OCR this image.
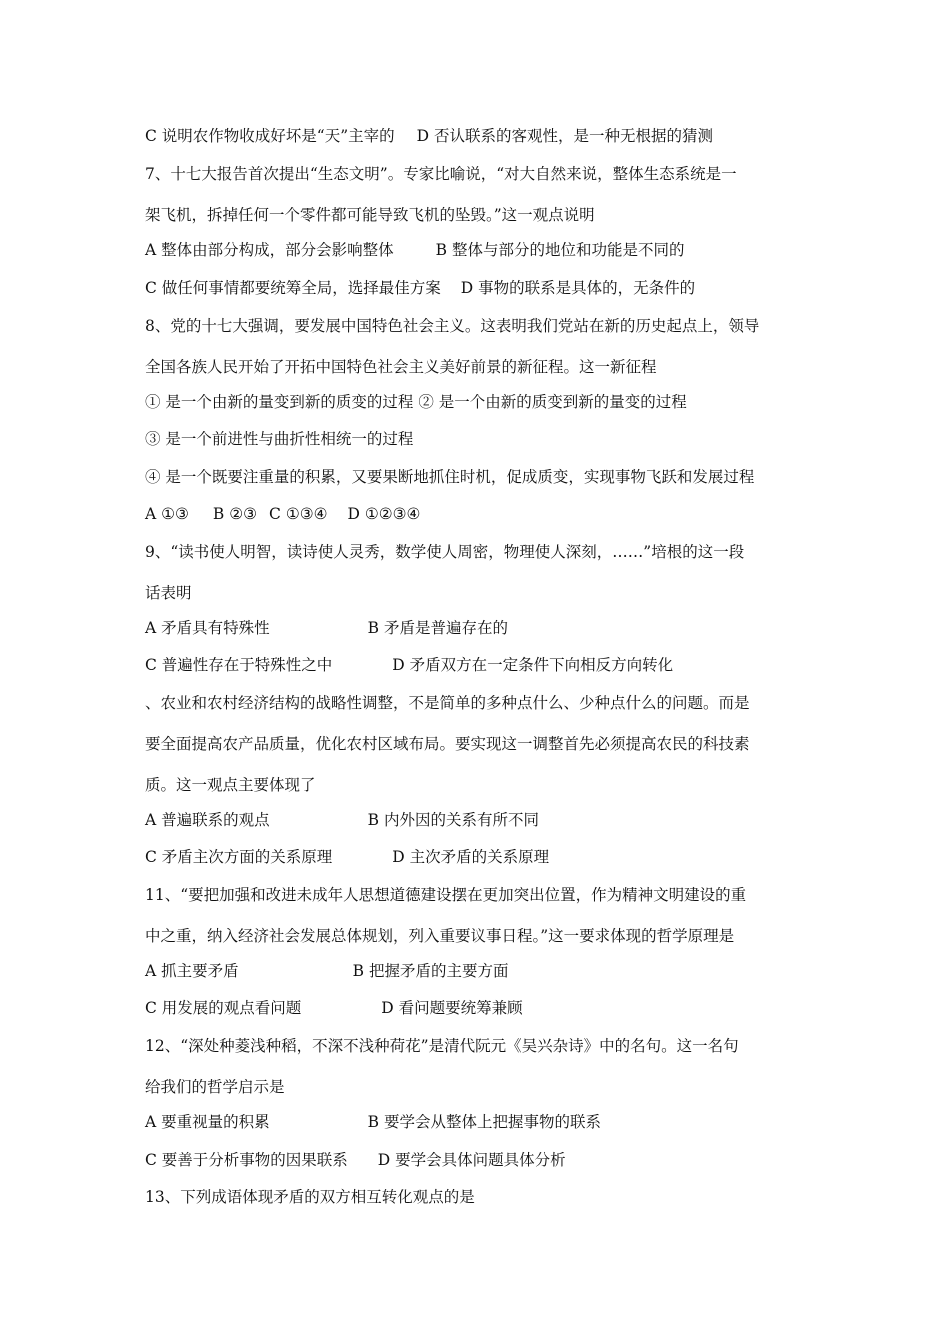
C 说明农作物收成好坏是“天”主宰的 D 否认联系的客观性，是一种无根据的猜测
7、十七大报告首次提出“生态文明”。专家比喻说，“对大自然来说，整体生态系统是一
架飞机，拆掉任何一个零件都可能导致飞机的坠毁。”这一观点说明
A 整体由部分构成，部分会影响整体	B 整体与部分的地位和功能是不同的
C 做任何事情都要统筹全局，选择最佳方案 D 事物的联系是具体的，无条件的
8、党的十七大强调，要发展中国特色社会主义。这表明我们党站在新的历史起点上，领导
全国各族人民开始了开拓中国特色社会主义美好前景的新征程。这一新征程
① 是一个由新的量变到新的质变的过程 ② 是一个由新的质变到新的量变的过程
③ 是一个前进性与曲折性相统一的过程
④ 是一个既要注重量的积累，又要果断地抓住时机，促成质变，实现事物飞跃和发展过程
A ①③ B ②③ C ①③④ D ①②③④
9、“读书使人明智，读诗使人灵秀，数学使人周密，物理使人深刻，……”培根的这一段
话表明
A 矛盾具有特殊性	B 矛盾是普遍存在的
C 普遍性存在于特殊性之中	D 矛盾双方在一定条件下向相反方向转化
、农业和农村经济结构的战略性调整，不是简单的多种点什么、少种点什么的问题。而是
要全面提高农产品质量，优化农村区域布局。要实现这一调整首先必须提高农民的科技素
质。这一观点主要体现了
A 普遍联系的观点	B 内外因的关系有所不同
C 矛盾主次方面的关系原理	D 主次矛盾的关系原理
11、“要把加强和改进未成年人思想道德建设摆在更加突出位置，作为精神文明建设的重
中之重，纳入经济社会发展总体规划，列入重要议事日程。”这一要求体现的哲学原理是
A 抓主要矛盾	B 把握矛盾的主要方面
C 用发展的观点看问题	D 看问题要统筹兼顾
12、“深处种菱浅种稻，不深不浅种荷花”是清代阮元《吴兴杂诗》中的名句。这一名句
给我们的哲学启示是
A 要重视量的积累	B 要学会从整体上把握事物的联系
C 要善于分析事物的因果联系 D 要学会具体问题具体分析
13、下列成语体现矛盾的双方相互转化观点的是
